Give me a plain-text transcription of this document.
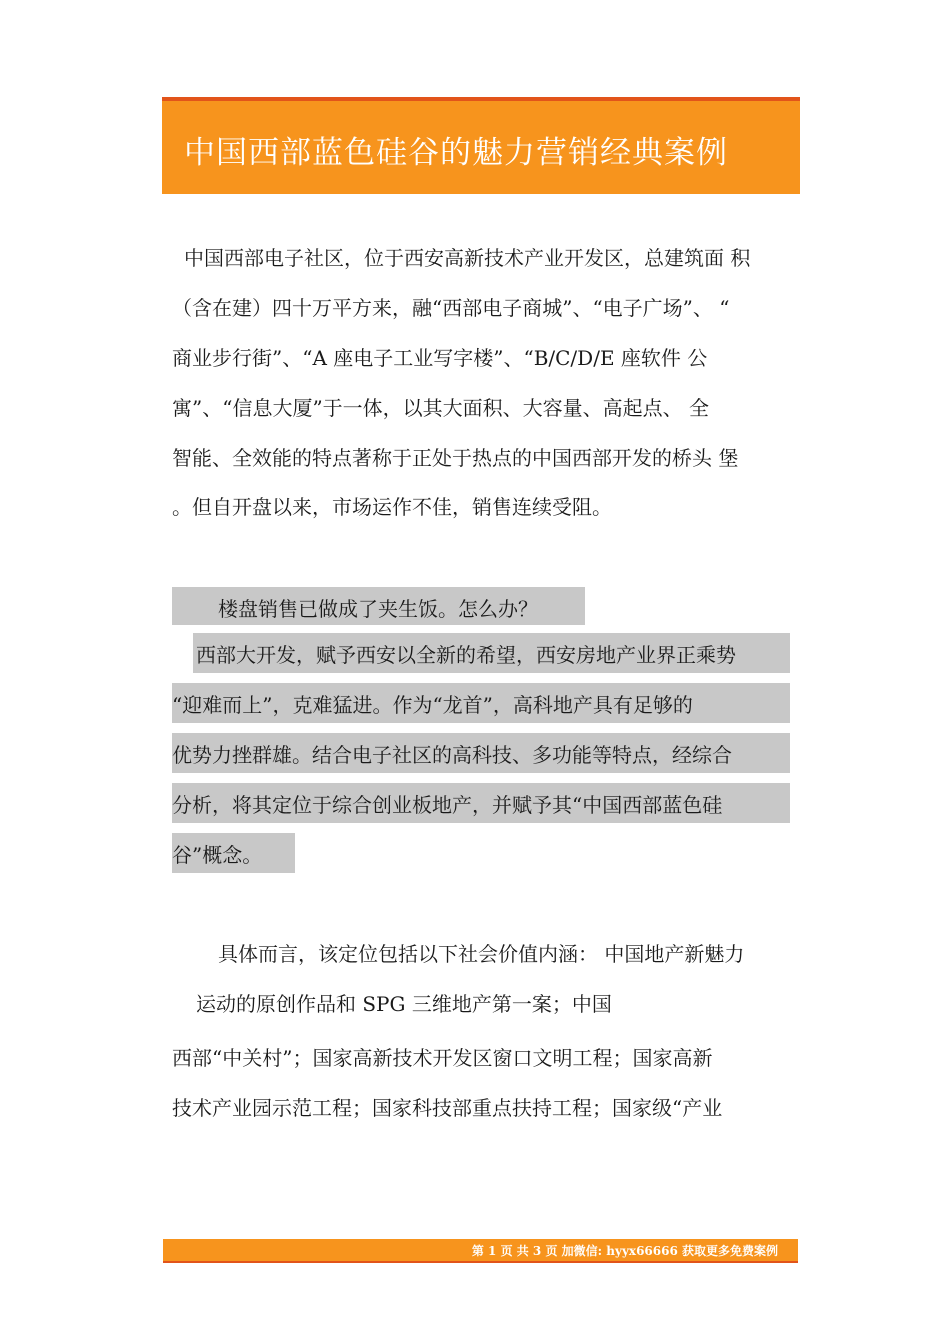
中国西部蓝色硅谷的魅力营销经典案例
中国西部电子社区，位于西安高新技术产业开发区，总建筑面 积
（含在建）四十万平方来，融“西部电子商城”、“电子广场”、 “
商业步行街”、“A 座电子工业写字楼”、“B/C/D/E 座软件 公
寓”、“信息大厦”于一体，以其大面积、大容量、高起点、 全
智能、全效能的特点著称于正处于热点的中国西部开发的桥头 堡
。但自开盘以来，市场运作不佳，销售连续受阻。
楼盘销售已做成了夹生饭。怎么办？
西部大开发，赋予西安以全新的希望，西安房地产业界正乘势
“迎难而上”，克难猛进。作为“龙首”，高科地产具有足够的
优势力挫群雄。结合电子社区的高科技、多功能等特点，经综合
分析，将其定位于综合创业板地产，并赋予其“中国西部蓝色硅
谷”概念。
具体而言，该定位包括以下社会价值内涵： 中国地产新魅力
运动的原创作品和 SPG 三维地产第一案；中国
西部“中关村”；国家高新技术开发区窗口文明工程；国家高新
技术产业园示范工程；国家科技部重点扶持工程；国家级“产业
第 1 页 共 3 页 加微信: hyyx66666 获取更多免费案例
